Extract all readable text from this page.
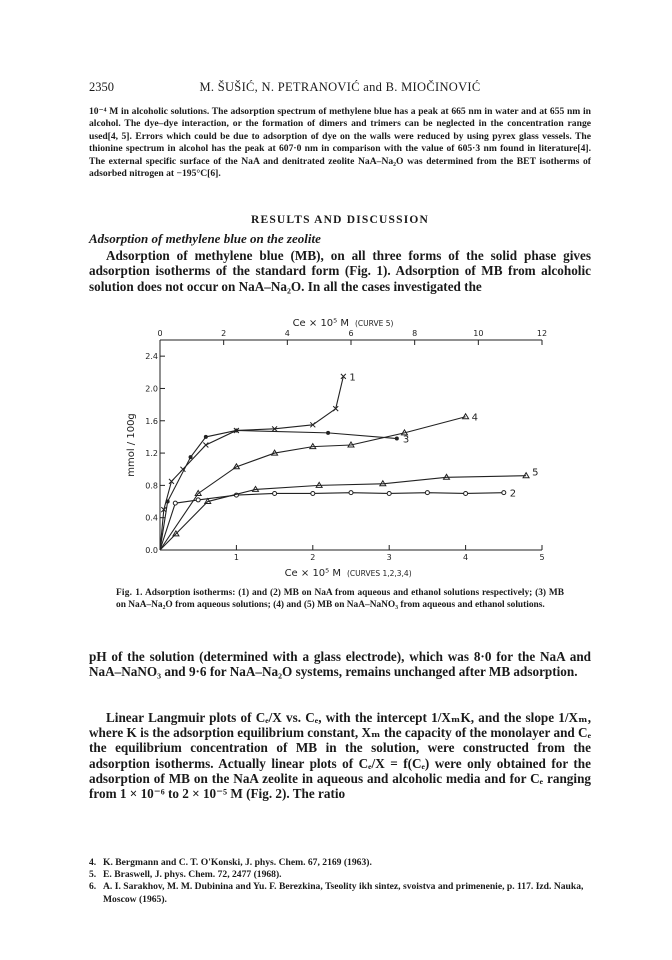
2350	M. ŠUŠIĆ, N. PETRANOVIĆ and B. MIOČINOVIĆ

10⁻⁴ M in alcoholic solutions. The adsorption spectrum of methylene blue has a peak at 665 nm in water and at 655 nm in alcohol. The dye–dye interaction, or the formation of dimers and trimers can be neglected in the concentration range used[4, 5]. Errors which could be due to adsorption of dye on the walls were reduced by using pyrex glass vessels. The thionine spectrum in alcohol has the peak at 607·0 nm in comparison with the value of 605·3 nm found in literature[4]. The external specific surface of the NaA and denitrated zeolite NaA–Na₂O was determined from the BET isotherms of adsorbed nitrogen at −195°C[6].

RESULTS AND DISCUSSION
Adsorption of methylene blue on the zeolite

Adsorption of methylene blue (MB), on all three forms of the solid phase gives adsorption isotherms of the standard form (Fig. 1). Adsorption of MB from alcoholic solution does not occur on NaA–Na₂O. In all the cases investigated the

1	2	3	4	5
0	2	4	6	8	10	12
0.0
0.4
0.8
1.2
1.6
2.0
2.4
mmol / 100g
Ce × 10⁵ M (CURVES 1,2,3,4)
Ce × 10⁵ M (CURVE 5)
1
2
3
4
5

Fig. 1. Adsorption isotherms: (1) and (2) MB on NaA from aqueous and ethanol solutions respectively; (3) MB on NaA–Na₂O from aqueous solutions; (4) and (5) MB on NaA–NaNO₃ from aqueous and ethanol solutions.

pH of the solution (determined with a glass electrode), which was 8·0 for the NaA and NaA–NaNO₃ and 9·6 for NaA–Na₂O systems, remains unchanged after MB adsorption.

Linear Langmuir plots of Cₑ/X vs. Cₑ, with the intercept 1/XₘK, and the slope 1/Xₘ, where K is the adsorption equilibrium constant, Xₘ the capacity of the monolayer and Cₑ the equilibrium concentration of MB in the solution, were constructed from the adsorption isotherms. Actually linear plots of Cₑ/X = f(Cₑ) were only obtained for the adsorption of MB on the NaA zeolite in aqueous and alcoholic media and for Cₑ ranging from 1 × 10⁻⁶ to 2 × 10⁻⁵ M (Fig. 2). The ratio

4. K. Bergmann and C. T. O'Konski, J. phys. Chem. 67, 2169 (1963).
5. E. Braswell, J. phys. Chem. 72, 2477 (1968).
6. A. I. Sarakhov, M. M. Dubinina and Yu. F. Berezkina, Tseolity ikh sintez, svoistva and primenenie, p. 117. Izd. Nauka, Moscow (1965).
